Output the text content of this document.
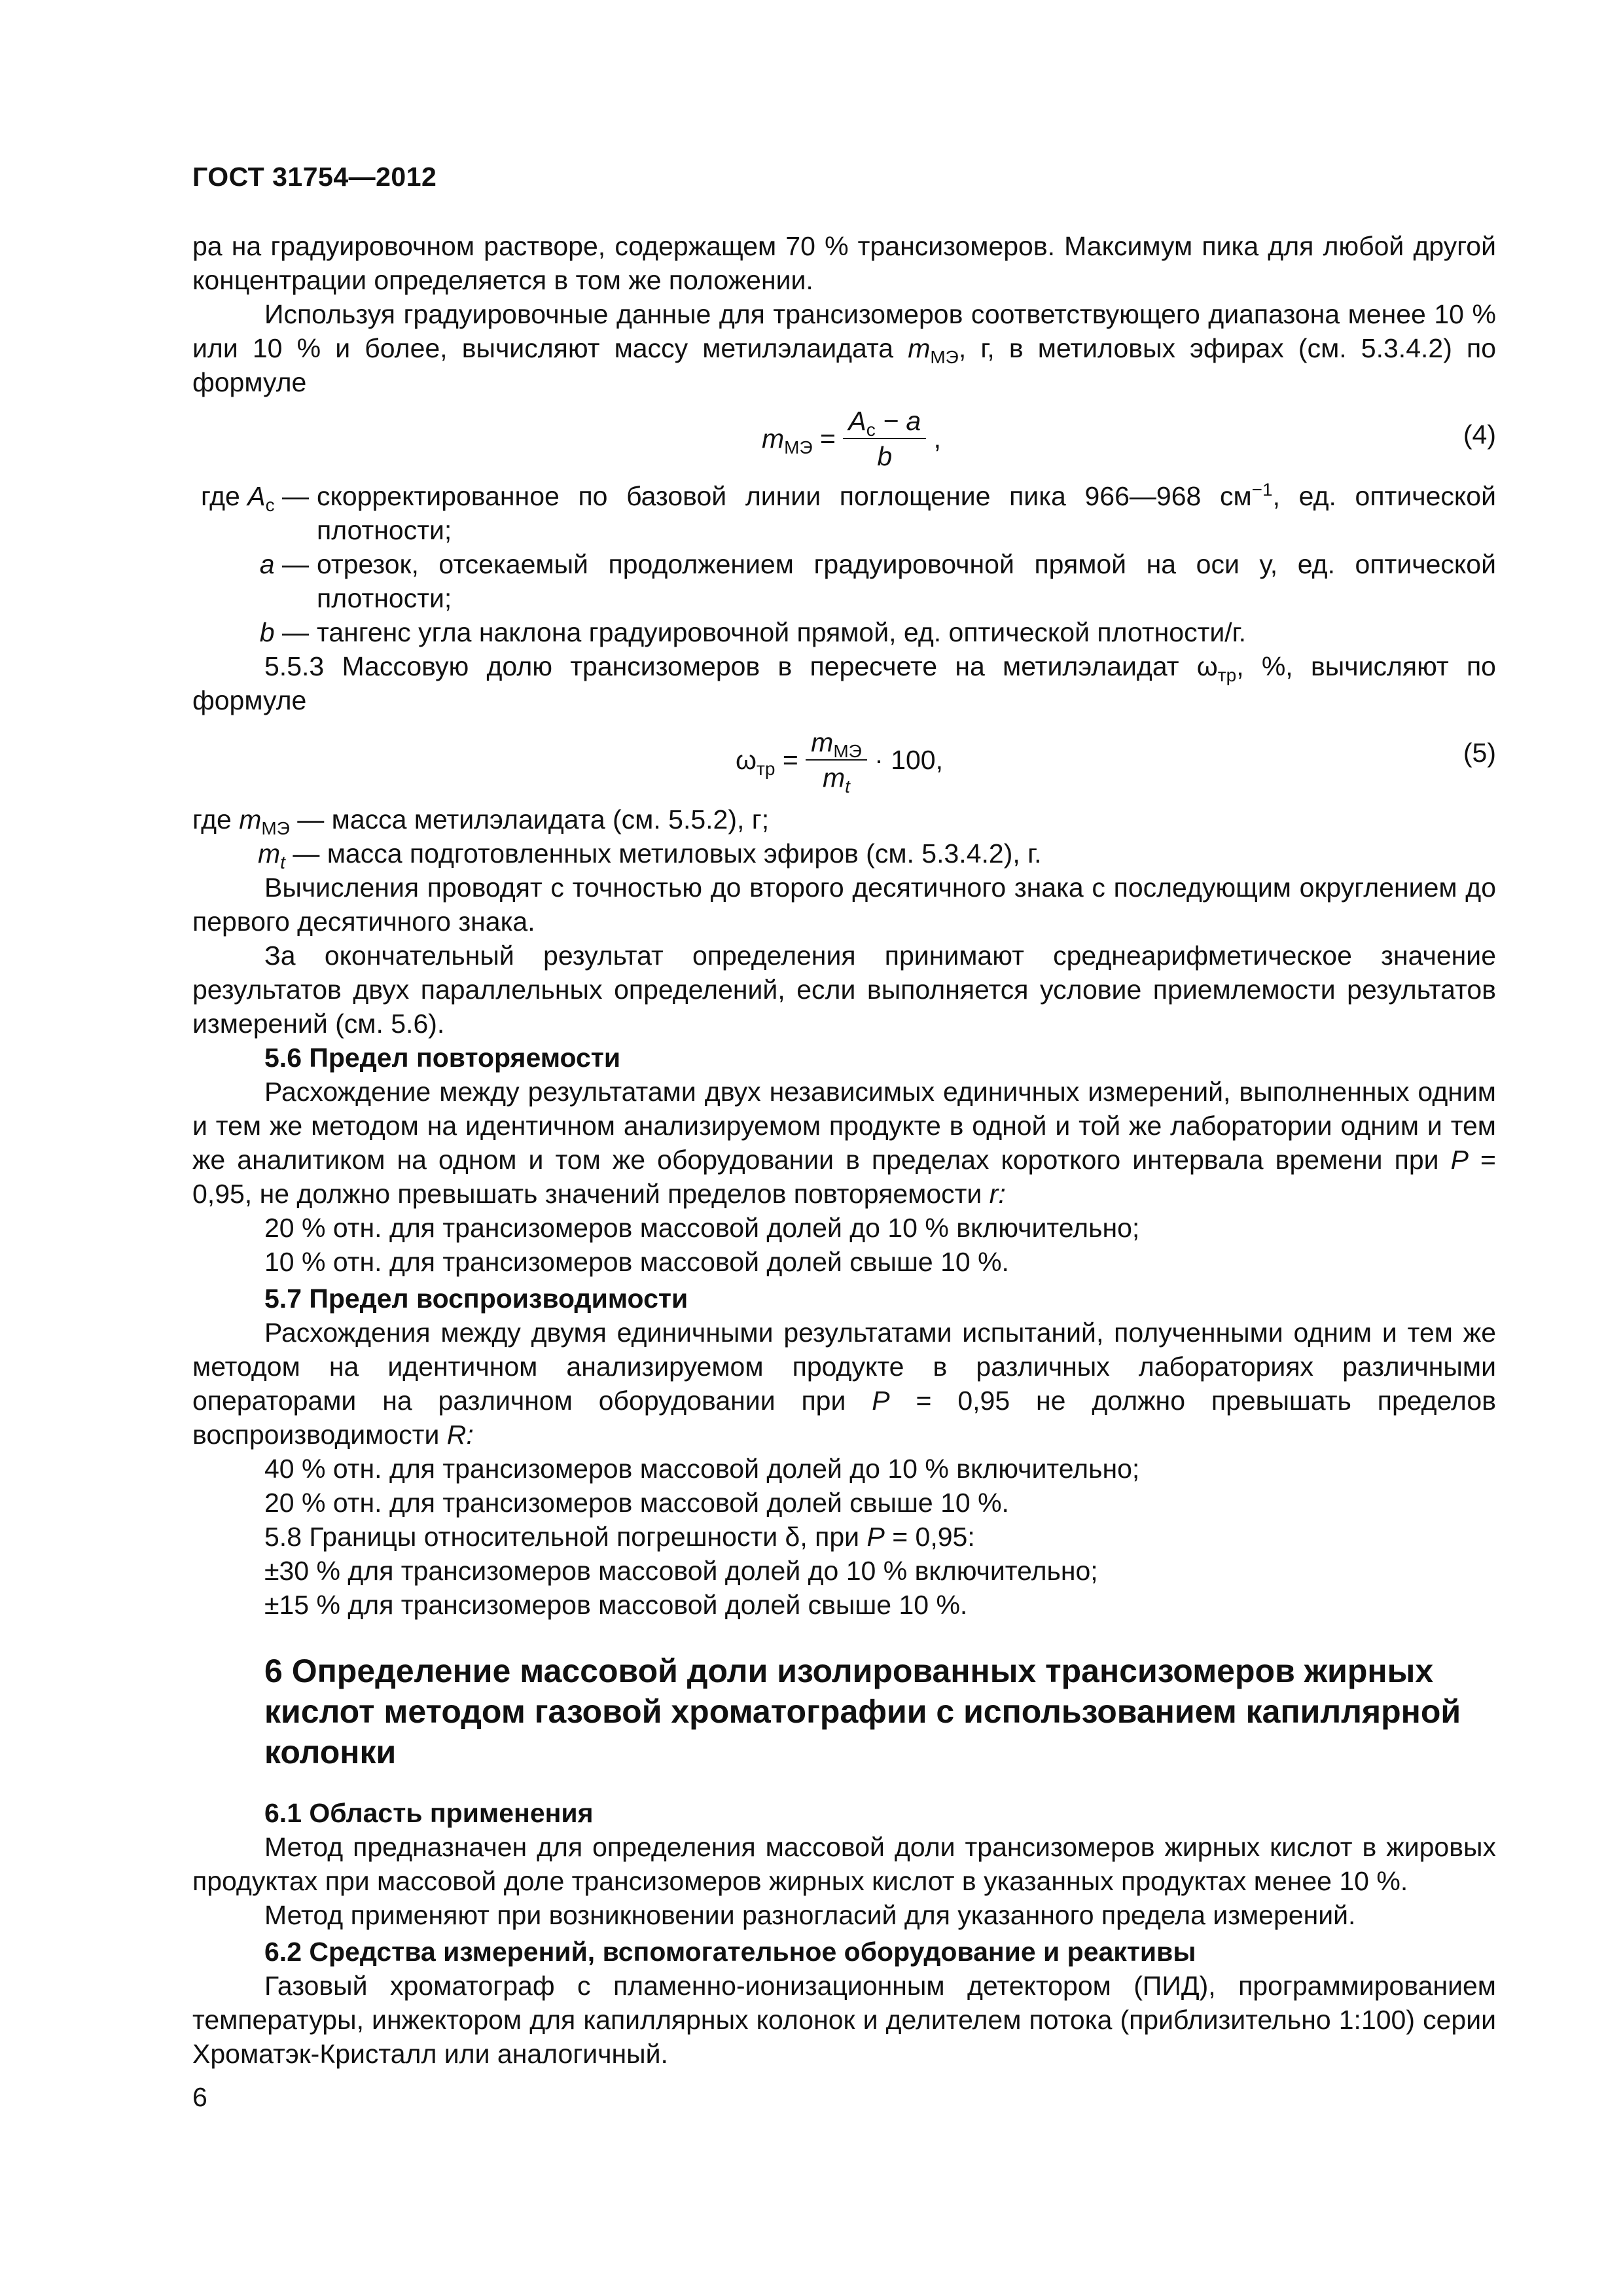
ГОСТ 31754—2012

ра на градуировочном растворе, содержащем 70 % трансизомеров. Максимум пика для любой другой концентрации определяется в том же положении.

Используя градуировочные данные для трансизомеров соответствующего диапазона менее 10 % или 10 % и более, вычисляют массу метилэлаидата $m_{МЭ}$, г, в метиловых эфирах (см. 5.3.4.2) по формуле

$m_{МЭ} = \frac{A_c - a}{b}$ ,	(4)
где $A_c$ — скорректированное по базовой линии поглощение пика 966—968 $см^{-1}$, ед. оптической плотности;
a — отрезок, отсекаемый продолжением градуировочной прямой на оси у, ед. оптической плотности;
b — тангенс угла наклона градуировочной прямой, ед. оптической плотности/г.

5.5.3 Массовую долю трансизомеров в пересчете на метилэлаидат $\omega_{тр}$, %, вычисляют по формуле

$\omega_{тр} = \frac{m_{МЭ}}{m_t} \cdot 100$,	(5)

где $m_{МЭ}$ — масса метилэлаидата (см. 5.5.2), г;

$m_t$ — масса подготовленных метиловых эфиров (см. 5.3.4.2), г.

Вычисления проводят с точностью до второго десятичного знака с последующим округлением до первого десятичного знака.

За окончательный результат определения принимают среднеарифметическое значение результатов двух параллельных определений, если выполняется условие приемлемости результатов измерений (см. 5.6).

5.6 Предел повторяемости

Расхождение между результатами двух независимых единичных измерений, выполненных одним и тем же методом на идентичном анализируемом продукте в одной и той же лаборатории одним и тем же аналитиком на одном и том же оборудовании в пределах короткого интервала времени при P = 0,95, не должно превышать значений пределов повторяемости r:

20 % отн. для трансизомеров массовой долей до 10 % включительно;

10 % отн. для трансизомеров массовой долей свыше 10 %.

5.7 Предел воспроизводимости

Расхождения между двумя единичными результатами испытаний, полученными одним и тем же методом на идентичном анализируемом продукте в различных лабораториях различными операторами на различном оборудовании при P = 0,95 не должно превышать пределов воспроизводимости R:

40 % отн. для трансизомеров массовой долей до 10 % включительно;

20 % отн. для трансизомеров массовой долей свыше 10 %.

5.8 Границы относительной погрешности δ, при P = 0,95:

±30 % для трансизомеров массовой долей до 10 % включительно;

±15 % для трансизомеров массовой долей свыше 10 %.

6 Определение массовой доли изолированных трансизомеров жирных кислот методом газовой хроматографии с использованием капиллярной колонки

6.1 Область применения

Метод предназначен для определения массовой доли трансизомеров жирных кислот в жировых продуктах при массовой доле трансизомеров жирных кислот в указанных продуктах менее 10 %.

Метод применяют при возникновении разногласий для указанного предела измерений.

6.2 Средства измерений, вспомогательное оборудование и реактивы

Газовый хроматограф с пламенно-ионизационным детектором (ПИД), программированием температуры, инжектором для капиллярных колонок и делителем потока (приблизительно 1:100) серии Хроматэк-Кристалл или аналогичный.

6
